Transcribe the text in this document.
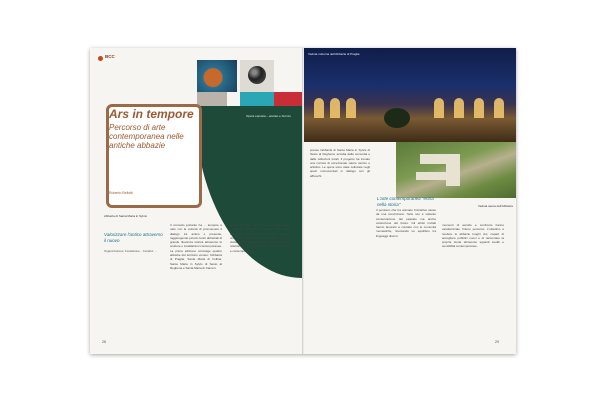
BCC
Opera esposta – acciaio e bronzo
Ars in tempore
Percorso di arte contemporanea nelle antiche abbazie
Roberto Bellotti
Abbazia di Santa Maria in Sylvis
Valorizzare l'antico attraverso il nuovo
Organizzazione: Fondazione... Curatrici: ...
Il concetto portante ha ... tempore è nato con la volontà di promuovere il dialogo tra antico e presente, raggiungendo piccoli centri abbaziali di grande rilevanza storica attraverso le sculture e installazioni contemporanee. La prima edizione coinvolge quattro abbazie del territorio veneto: l'Abbazia di Praglia, Santa Maria di Follina, Santa Maria in Sylvis di Sesto al Reghena e Santa Maria di Carceri.
di Santa Maria di Follina. Le esposizioni intendono ridefinire il senso del luogo attraverso gli sguardi degli artisti, offrendo una prospettiva insolita sul patrimonio. La visita si articola tra chiostri, sale capitolari e refettori, in un percorso che unisce memoria e contemporaneità.
28
Veduta notturna dell'Abbazia di Praglia
Veduta aerea dell'Abbazia
presso l'abbazia di Santa Maria in Sylvis di Sesto al Reghena, accolta dalla comunità e dalle istituzioni locali, il progetto ha trovato una cornice di eccezionale valore storico e artistico. Le opere sono state collocate negli spazi monumentali in dialogo con gli affreschi.
L'arte contemporanea "entra nella storia"
Il pensiero che ha animato l'iniziativa nasce da una convinzione: l'arte non è soltanto conservazione del passato ma anche costruzione del futuro. Gli artisti invitati hanno lavorato a contatto con le comunità monastiche, ricercando un equilibrio tra linguaggi diversi.
momenti di ascolto e confronto hanno caratterizzato l'intero percorso. L'obiettivo è rendere le abbazie luoghi vivi, capaci di accogliere pubblici nuovi e di raccontare la propria storia attraverso sguardi inediti e sensibilità contemporanee.
29
